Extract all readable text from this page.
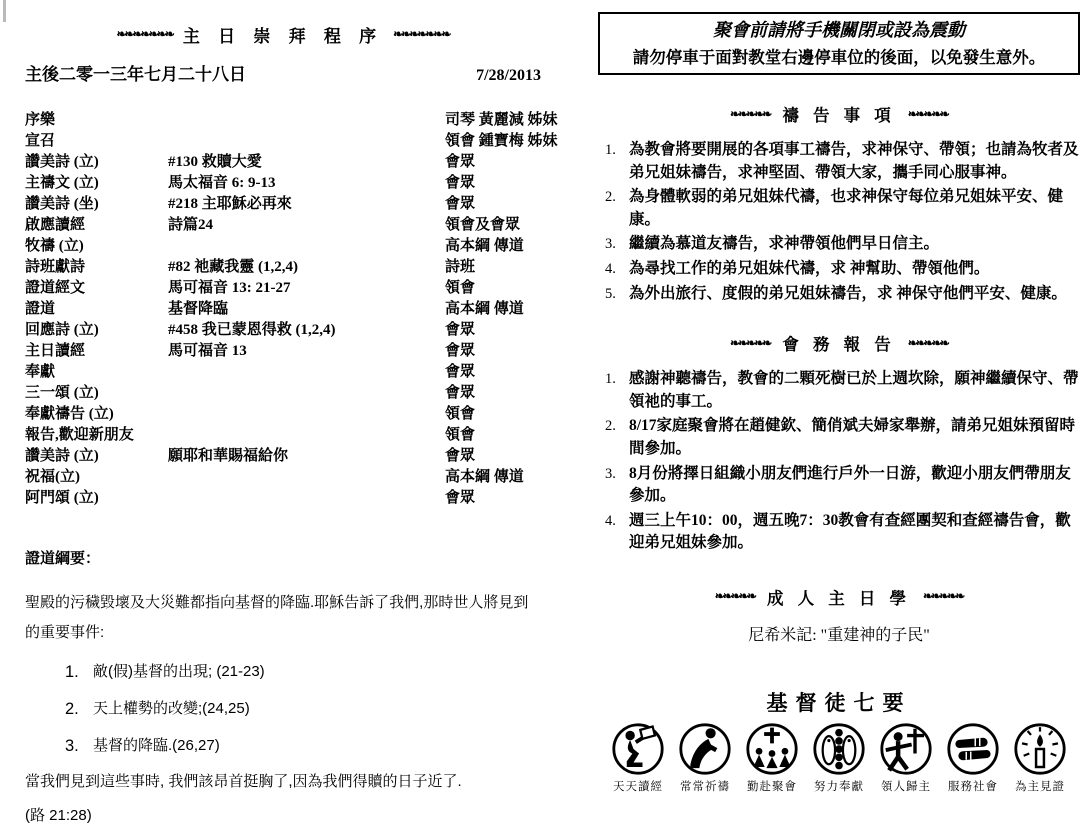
❧❧❧❧❧❧❧ 主 日 崇 拜 程 序 ❧❧❧❧❧❧❧
主後二零一三年七月二十八日	7/28/2013
序樂		司琴 黃麗減 姊妹
宣召		領會 鍾寶梅 姊妹
讚美詩 (立)	#130 救贖大愛	會眾
主禱文 (立)	馬太福音 6: 9-13	會眾
讚美詩 (坐)	#218 主耶穌必再來	會眾
啟應讀經	詩篇24	領會及會眾
牧禱 (立)		高本綱 傳道
詩班獻詩	#82 祂藏我靈 (1,2,4)	詩班
證道經文	馬可福音 13: 21-27	領會
證道	基督降臨	高本綱 傳道
回應詩 (立)	#458 我已蒙恩得救 (1,2,4)	會眾
主日讀經	馬可福音 13	會眾
奉獻		會眾
三一頌 (立)		會眾
奉獻禱告 (立)		領會
報告,歡迎新朋友		領會
讚美詩 (立)	願耶和華賜福給你	會眾
祝福(立)		高本綱 傳道
阿門頌 (立)		會眾
證道綱要：
聖殿的污穢毀壞及大災難都指向基督的降臨.耶穌告訴了我們,那時世人將見到的重要事件:
1. 敵(假)基督的出現; (21-23)
2. 天上權勢的改變;(24,25)
3. 基督的降臨.(26,27)
當我們見到這些事時, 我們該昂首挺胸了,因為我們得贖的日子近了.
(路 21:28)
聚會前請將手機關閉或設為震動
請勿停車于面對教堂右邊停車位的後面，以免發生意外。
❧❧❧❧❧ 禱 告 事 項 ❧❧❧❧❧
1. 為教會將要開展的各項事工禱告，求神保守、帶領；也請為牧者及弟兄姐妹禱告，求神堅固、帶領大家，攜手同心服事神。
2. 為身體軟弱的弟兄姐妹代禱，也求神保守每位弟兄姐妹平安、健康。
3. 繼續為慕道友禱告，求神帶領他們早日信主。
4. 為尋找工作的弟兄姐妹代禱，求 神幫助、帶領他們。
5. 為外出旅行、度假的弟兄姐妹禱告，求 神保守他們平安、健康。
❧❧❧❧❧ 會 務 報 告 ❧❧❧❧❧
1. 感謝神聽禱告，教會的二顆死樹已於上週坎除，願神繼續保守、帶領祂的事工。
2. 8/17家庭聚會將在趙健欽、簡俏斌夫婦家舉辦，請弟兄姐妹預留時間參加。
3. 8月份將擇日組織小朋友們進行戶外一日游，歡迎小朋友們帶朋友參加。
4. 週三上午10：00，週五晚7：30教會有查經團契和查經禱告會，歡迎弟兄姐妹參加。
❧❧❧❧❧ 成 人 主 日 學 ❧❧❧❧❧
尼希米記: "重建神的子民"
基督徒七要
天天讀經	常常祈禱	勤赴聚會	努力奉獻	領人歸主	服務社會	為主見證
